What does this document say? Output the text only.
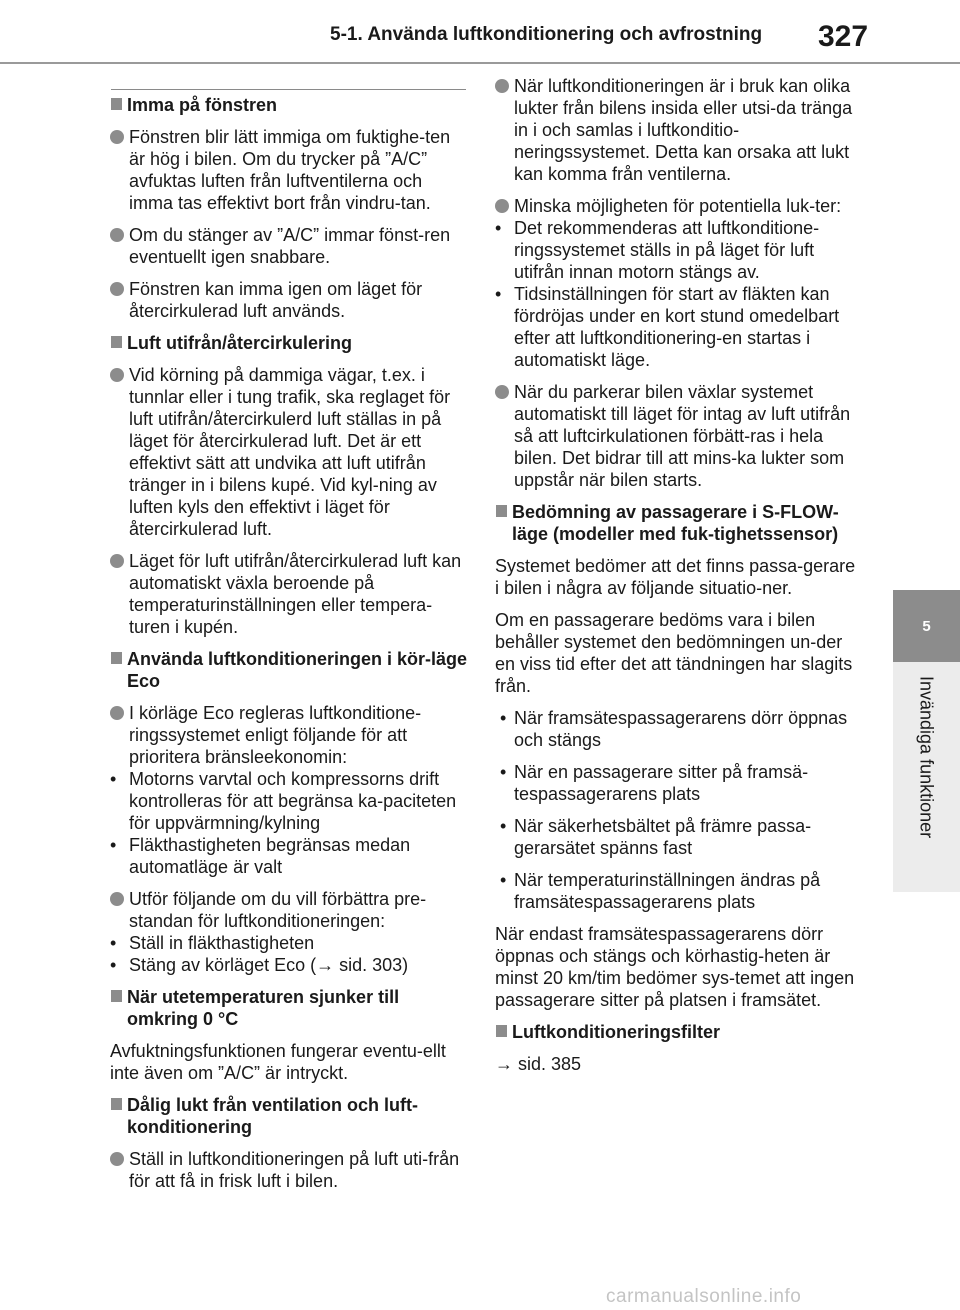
5-1. Använda luftkonditionering och avfrostning 327
5
Invändiga funktioner
Imma på fönstren
Fönstren blir lätt immiga om fuktighe-ten är hög i bilen. Om du trycker på ”A/C” avfuktas luften från luftventilerna och imma tas effektivt bort från vindru-tan.
Om du stänger av ”A/C” immar fönst-ren eventuellt igen snabbare.
Fönstren kan imma igen om läget för återcirkulerad luft används.
Luft utifrån/återcirkulering
Vid körning på dammiga vägar, t.ex. i tunnlar eller i tung trafik, ska reglaget för luft utifrån/återcirkulerd luft ställas in på läget för återcirkulerad luft. Det är ett effektivt sätt att undvika att luft utifrån tränger in i bilens kupé. Vid kyl-ning av luften kyls den effektivt i läget för återcirkulerad luft.
Läget för luft utifrån/återcirkulerad luft kan automatiskt växla beroende på temperaturinställningen eller tempera-turen i kupén.
Använda luftkonditioneringen i kör-läge Eco
I körläge Eco regleras luftkonditione-ringssystemet enligt följande för att prioritera bränsleekonomin:
• Motorns varvtal och kompressorns drift kontrolleras för att begränsa ka-paciteten för uppvärmning/kylning
• Fläkthastigheten begränsas medan automatläge är valt
Utför följande om du vill förbättra pre-standan för luftkonditioneringen:
• Ställ in fläkthastigheten
• Stäng av körläget Eco (→ sid. 303)
När utetemperaturen sjunker till omkring 0 °C
Avfuktningsfunktionen fungerar eventu-ellt inte även om ”A/C” är intryckt.
Dålig lukt från ventilation och luft-konditionering
Ställ in luftkonditioneringen på luft uti-från för att få in frisk luft i bilen.
När luftkonditioneringen är i bruk kan olika lukter från bilens insida eller utsi-da tränga in i och samlas i luftkonditio-neringssystemet. Detta kan orsaka att lukt kan komma från ventilerna.
Minska möjligheten för potentiella luk-ter:
• Det rekommenderas att luftkonditione-ringssystemet ställs in på läget för luft utifrån innan motorn stängs av.
• Tidsinställningen för start av fläkten kan fördröjas under en kort stund omedelbart efter att luftkonditionering-en startas i automatiskt läge.
När du parkerar bilen växlar systemet automatiskt till läget för intag av luft utifrån så att luftcirkulationen förbätt-ras i hela bilen. Det bidrar till att mins-ka lukter som uppstår när bilen starts.
Bedömning av passagerare i S-FLOW-läge (modeller med fuk-tighetssensor)
Systemet bedömer att det finns passa-gerare i bilen i några av följande situatio-ner.
Om en passagerare bedöms vara i bilen behåller systemet den bedömningen un-der en viss tid efter det att tändningen har slagits från.
• När framsätespassagerarens dörr öppnas och stängs
• När en passagerare sitter på framsä-tespassagerarens plats
• När säkerhetsbältet på främre passa-gerarsätet spänns fast
• När temperaturinställningen ändras på framsätespassagerarens plats
När endast framsätespassagerarens dörr öppnas och stängs och körhastig-heten är minst 20 km/tim bedömer sys-temet att ingen passagerare sitter på platsen i framsätet.
Luftkonditioneringsfilter
→ sid. 385
carmanualsonline.info
